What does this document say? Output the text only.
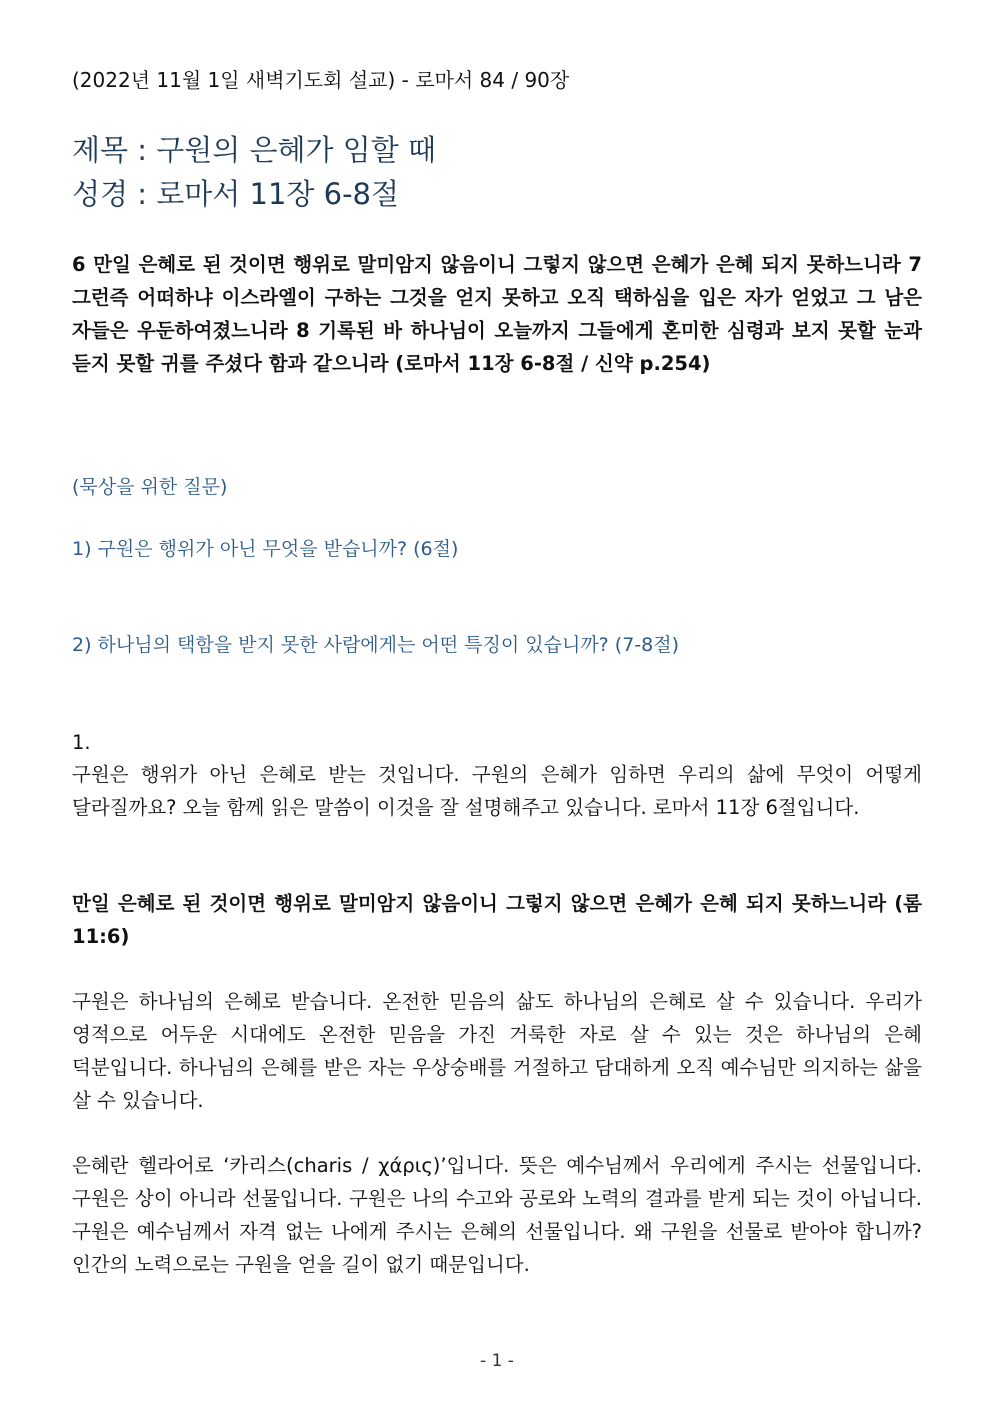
(2022년 11월 1일 새벽기도회 설교) - 로마서 84 / 90장
제목 : 구원의 은혜가 임할 때
성경 : 로마서 11장 6-8절
6 만일 은혜로 된 것이면 행위로 말미암지 않음이니 그렇지 않으면 은혜가 은혜 되지 못하느니라 7 그런즉 어떠하냐 이스라엘이 구하는 그것을 얻지 못하고 오직 택하심을 입은 자가 얻었고 그 남은 자들은 우둔하여졌느니라 8 기록된 바 하나님이 오늘까지 그들에게 혼미한 심령과 보지 못할 눈과 듣지 못할 귀를 주셨다 함과 같으니라 (로마서 11장 6-8절 / 신약 p.254)
(묵상을 위한 질문)
1) 구원은 행위가 아닌 무엇을 받습니까? (6절)
2) 하나님의 택함을 받지 못한 사람에게는 어떤 특징이 있습니까? (7-8절)
1.
구원은 행위가 아닌 은혜로 받는 것입니다. 구원의 은혜가 임하면 우리의 삶에 무엇이 어떻게 달라질까요? 오늘 함께 읽은 말씀이 이것을 잘 설명해주고 있습니다. 로마서 11장 6절입니다.
만일 은혜로 된 것이면 행위로 말미암지 않음이니 그렇지 않으면 은혜가 은혜 되지 못하느니라 (롬 11:6)
구원은 하나님의 은혜로 받습니다. 온전한 믿음의 삶도 하나님의 은혜로 살 수 있습니다. 우리가 영적으로 어두운 시대에도 온전한 믿음을 가진 거룩한 자로 살 수 있는 것은 하나님의 은혜 덕분입니다. 하나님의 은혜를 받은 자는 우상숭배를 거절하고 담대하게 오직 예수님만 의지하는 삶을 살 수 있습니다.
은혜란 헬라어로 ‘카리스(charis / χάρις)’입니다. 뜻은 예수님께서 우리에게 주시는 선물입니다. 구원은 상이 아니라 선물입니다. 구원은 나의 수고와 공로와 노력의 결과를 받게 되는 것이 아닙니다. 구원은 예수님께서 자격 없는 나에게 주시는 은혜의 선물입니다. 왜 구원을 선물로 받아야 합니까? 인간의 노력으로는 구원을 얻을 길이 없기 때문입니다.
- 1 -
